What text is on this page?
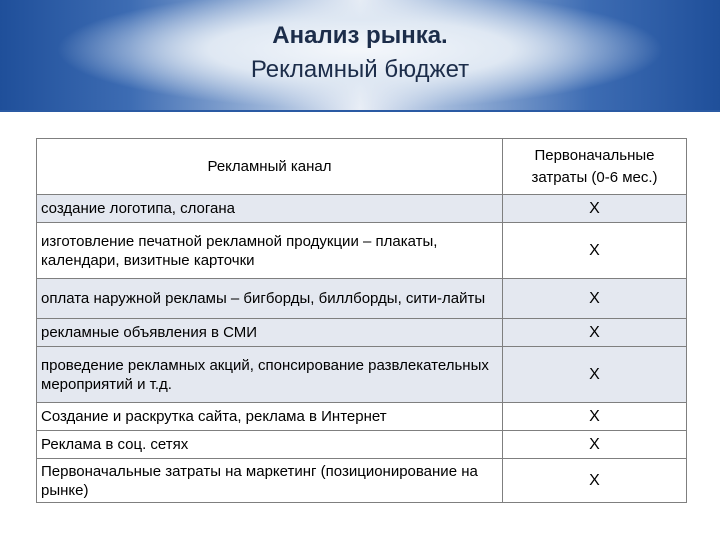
Анализ рынка.
Рекламный бюджет
Рекламный канал	Первоначальные затраты (0-6 мес.)
создание логотипа, слогана	Х
изготовление печатной рекламной продукции – плакаты, календари, визитные карточки	Х
оплата наружной рекламы – бигборды, биллборды, сити-лайты	Х
рекламные объявления в СМИ	Х
проведение рекламных акций, спонсирование развлекательных мероприятий и т.д.	Х
Создание и раскрутка сайта, реклама в Интернет	Х
Реклама в соц. сетях	Х
Первоначальные затраты на маркетинг (позиционирование на рынке)	Х
